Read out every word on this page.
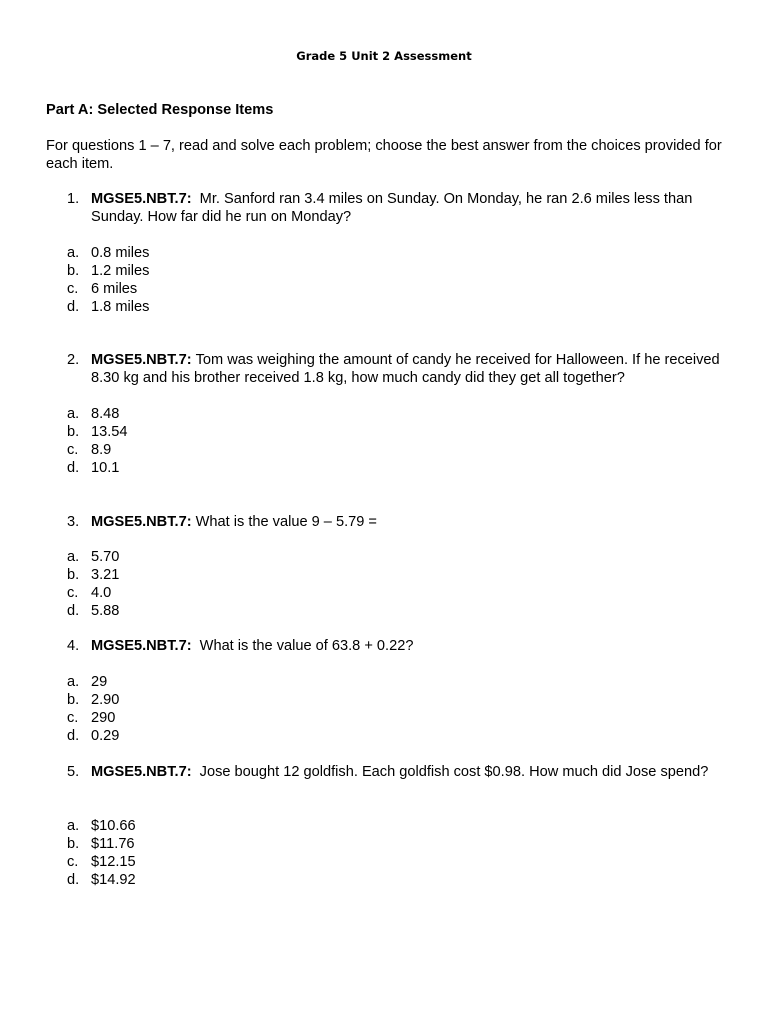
Grade 5 Unit 2 Assessment
Part A: Selected Response Items
For questions 1 – 7, read and solve each problem; choose the best answer from the choices provided for each item.
1. MGSE5.NBT.7: Mr. Sanford ran 3.4 miles on Sunday. On Monday, he ran 2.6 miles less than Sunday. How far did he run on Monday?
a. 0.8 miles
b. 1.2 miles
c. 6 miles
d. 1.8 miles
2. MGSE5.NBT.7: Tom was weighing the amount of candy he received for Halloween. If he received 8.30 kg and his brother received 1.8 kg, how much candy did they get all together?
a. 8.48
b. 13.54
c. 8.9
d. 10.1
3. MGSE5.NBT.7: What is the value 9 – 5.79 =
a. 5.70
b. 3.21
c. 4.0
d. 5.88
4. MGSE5.NBT.7: What is the value of 63.8 + 0.22?
a. 29
b. 2.90
c. 290
d. 0.29
5. MGSE5.NBT.7: Jose bought 12 goldfish. Each goldfish cost $0.98. How much did Jose spend?
a. $10.66
b. $11.76
c. $12.15
d. $14.92
